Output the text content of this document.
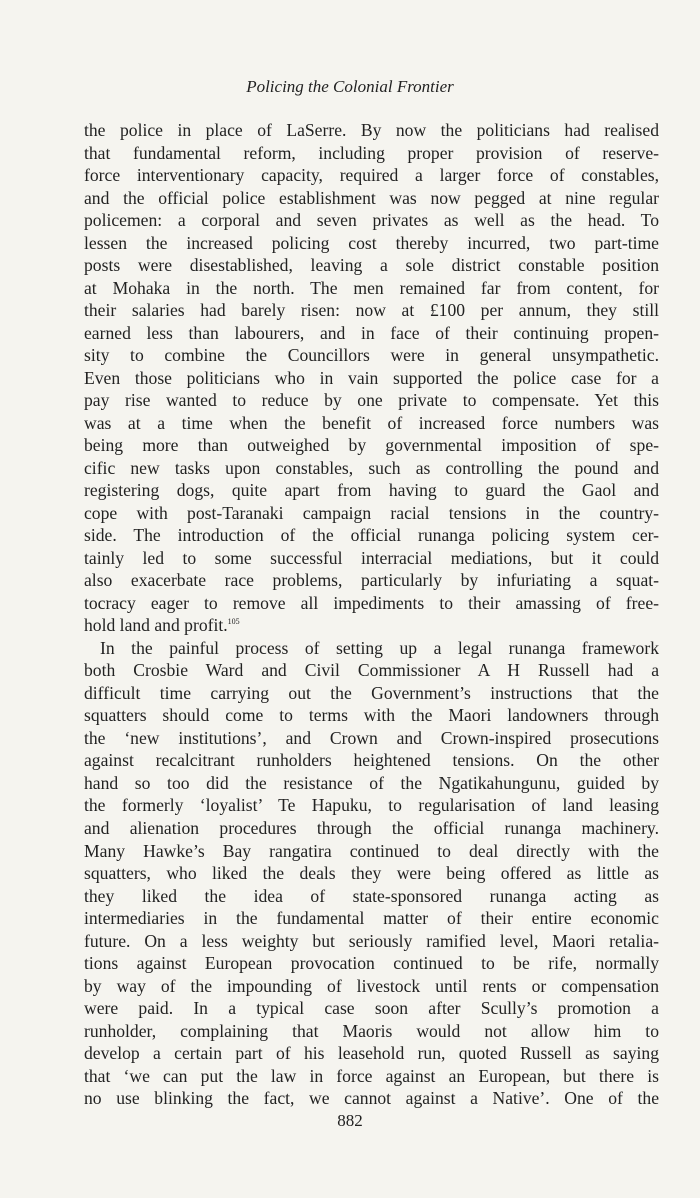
Policing the Colonial Frontier
the police in place of LaSerre. By now the politicians had realised
that fundamental reform, including proper provision of reserve-
force interventionary capacity, required a larger force of constables,
and the official police establishment was now pegged at nine regular
policemen: a corporal and seven privates as well as the head. To
lessen the increased policing cost thereby incurred, two part-time
posts were disestablished, leaving a sole district constable position
at Mohaka in the north. The men remained far from content, for
their salaries had barely risen: now at £100 per annum, they still
earned less than labourers, and in face of their continuing propen-
sity to combine the Councillors were in general unsympathetic.
Even those politicians who in vain supported the police case for a
pay rise wanted to reduce by one private to compensate. Yet this
was at a time when the benefit of increased force numbers was
being more than outweighed by governmental imposition of spe-
cific new tasks upon constables, such as controlling the pound and
registering dogs, quite apart from having to guard the Gaol and
cope with post-Taranaki campaign racial tensions in the country-
side. The introduction of the official runanga policing system cer-
tainly led to some successful interracial mediations, but it could
also exacerbate race problems, particularly by infuriating a squat-
tocracy eager to remove all impediments to their amassing of free-
hold land and profit.$^{105}$
In the painful process of setting up a legal runanga framework
both Crosbie Ward and Civil Commissioner A H Russell had a
difficult time carrying out the Government’s instructions that the
squatters should come to terms with the Maori landowners through
the ‘new institutions’, and Crown and Crown-inspired prosecutions
against recalcitrant runholders heightened tensions. On the other
hand so too did the resistance of the Ngatikahungunu, guided by
the formerly ‘loyalist’ Te Hapuku, to regularisation of land leasing
and alienation procedures through the official runanga machinery.
Many Hawke’s Bay rangatira continued to deal directly with the
squatters, who liked the deals they were being offered as little as
they liked the idea of state-sponsored runanga acting as
intermediaries in the fundamental matter of their entire economic
future. On a less weighty but seriously ramified level, Maori retalia-
tions against European provocation continued to be rife, normally
by way of the impounding of livestock until rents or compensation
were paid. In a typical case soon after Scully’s promotion a
runholder, complaining that Maoris would not allow him to
develop a certain part of his leasehold run, quoted Russell as saying
that ‘we can put the law in force against an European, but there is
no use blinking the fact, we cannot against a Native’. One of the
882
